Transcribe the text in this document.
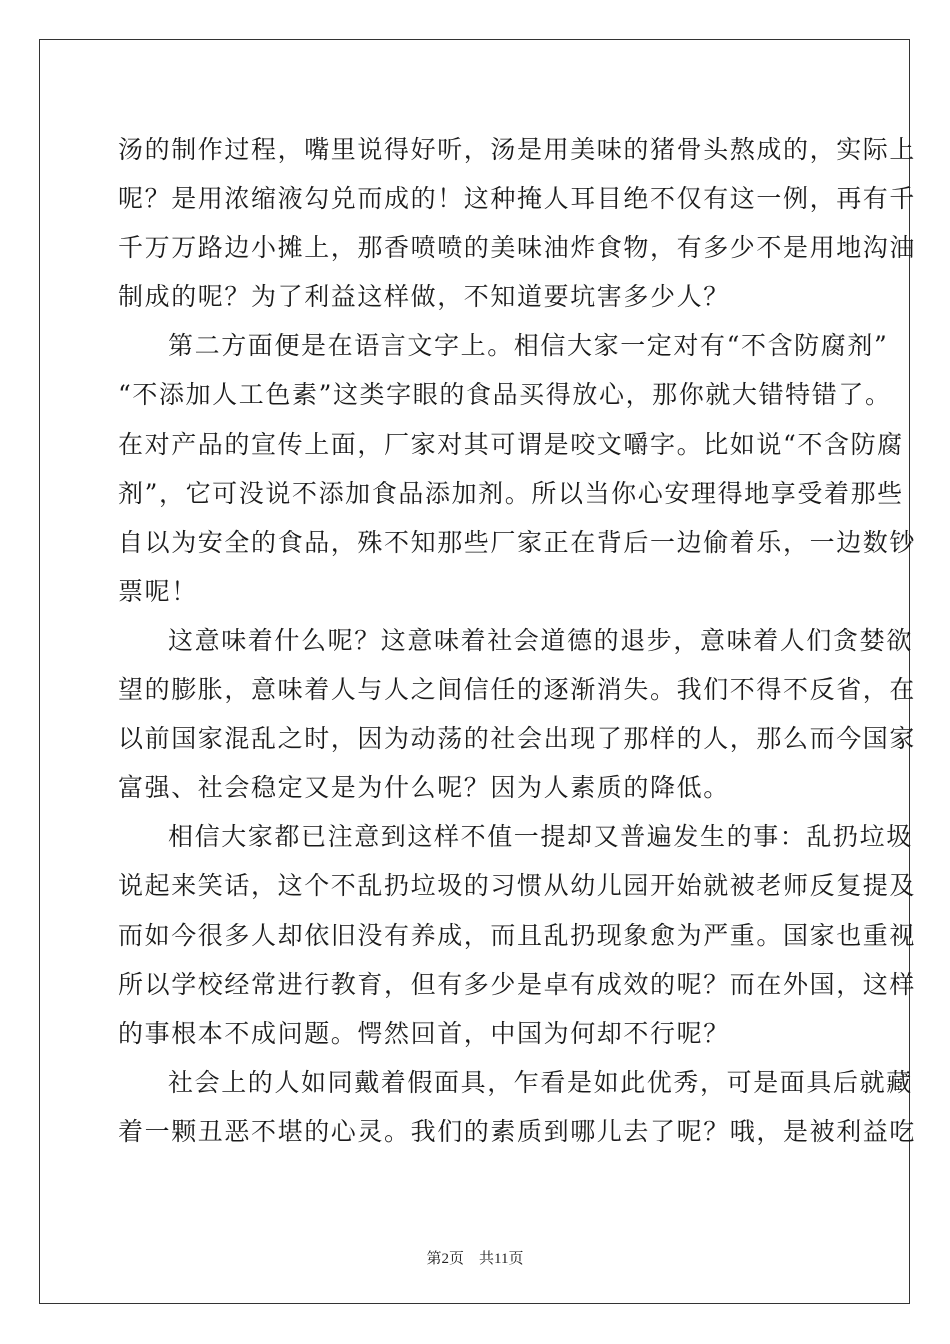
汤的制作过程，嘴里说得好听，汤是用美味的猪骨头熬成的，实际上
呢？是用浓缩液勾兑而成的！这种掩人耳目绝不仅有这一例，再有千
千万万路边小摊上，那香喷喷的美味油炸食物，有多少不是用地沟油
制成的呢？为了利益这样做，不知道要坑害多少人？
第二方面便是在语言文字上。相信大家一定对有“不含防腐剂”
“不添加人工色素”这类字眼的食品买得放心，那你就大错特错了。
在对产品的宣传上面，厂家对其可谓是咬文嚼字。比如说“不含防腐
剂”，它可没说不添加食品添加剂。所以当你心安理得地享受着那些
自以为安全的食品，殊不知那些厂家正在背后一边偷着乐，一边数钞
票呢！
这意味着什么呢？这意味着社会道德的退步，意味着人们贪婪欲
望的膨胀，意味着人与人之间信任的逐渐消失。我们不得不反省，在
以前国家混乱之时，因为动荡的社会出现了那样的人，那么而今国家
富强、社会稳定又是为什么呢？因为人素质的降低。
相信大家都已注意到这样不值一提却又普遍发生的事：乱扔垃圾
说起来笑话，这个不乱扔垃圾的习惯从幼儿园开始就被老师反复提及
而如今很多人却依旧没有养成，而且乱扔现象愈为严重。国家也重视
所以学校经常进行教育，但有多少是卓有成效的呢？而在外国，这样
的事根本不成问题。愕然回首，中国为何却不行呢？
社会上的人如同戴着假面具，乍看是如此优秀，可是面具后就藏
着一颗丑恶不堪的心灵。我们的素质到哪儿去了呢？哦，是被利益吃
第2页    共11页
